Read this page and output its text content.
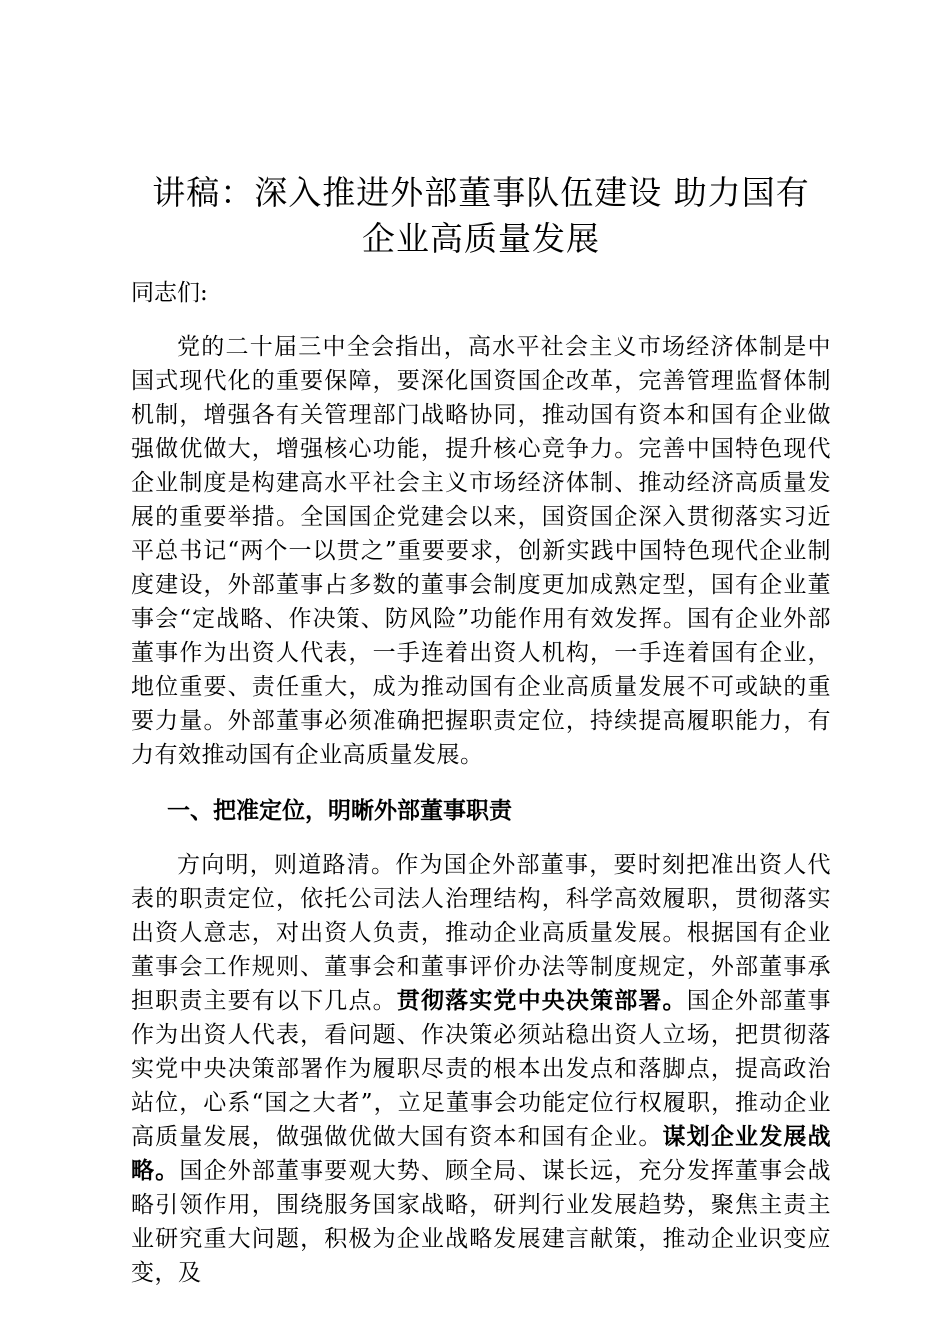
讲稿：深入推进外部董事队伍建设 助力国有
企业高质量发展
同志们:

党的二十届三中全会指出，高水平社会主义市场经济体制是中国式现代化的重要保障，要深化国资国企改革，完善管理监督体制机制，增强各有关管理部门战略协同，推动国有资本和国有企业做强做优做大，增强核心功能，提升核心竞争力。完善中国特色现代企业制度是构建高水平社会主义市场经济体制、推动经济高质量发展的重要举措。全国国企党建会以来，国资国企深入贯彻落实习近平总书记“两个一以贯之”重要要求，创新实践中国特色现代企业制度建设，外部董事占多数的董事会制度更加成熟定型，国有企业董事会“定战略、作决策、防风险”功能作用有效发挥。国有企业外部董事作为出资人代表，一手连着出资人机构，一手连着国有企业，地位重要、责任重大，成为推动国有企业高质量发展不可或缺的重要力量。外部董事必须准确把握职责定位，持续提高履职能力，有力有效推动国有企业高质量发展。

一、把准定位，明晰外部董事职责

方向明，则道路清。作为国企外部董事，要时刻把准出资人代表的职责定位，依托公司法人治理结构，科学高效履职，贯彻落实出资人意志，对出资人负责，推动企业高质量发展。根据国有企业董事会工作规则、董事会和董事评价办法等制度规定，外部董事承担职责主要有以下几点。贯彻落实党中央决策部署。国企外部董事作为出资人代表，看问题、作决策必须站稳出资人立场，把贯彻落实党中央决策部署作为履职尽责的根本出发点和落脚点，提高政治站位，心系“国之大者”，立足董事会功能定位行权履职，推动企业高质量发展，做强做优做大国有资本和国有企业。谋划企业发展战略。国企外部董事要观大势、顾全局、谋长远，充分发挥董事会战略引领作用，围绕服务国家战略，研判行业发展趋势，聚焦主责主业研究重大问题，积极为企业战略发展建言献策，推动企业识变应变，及
